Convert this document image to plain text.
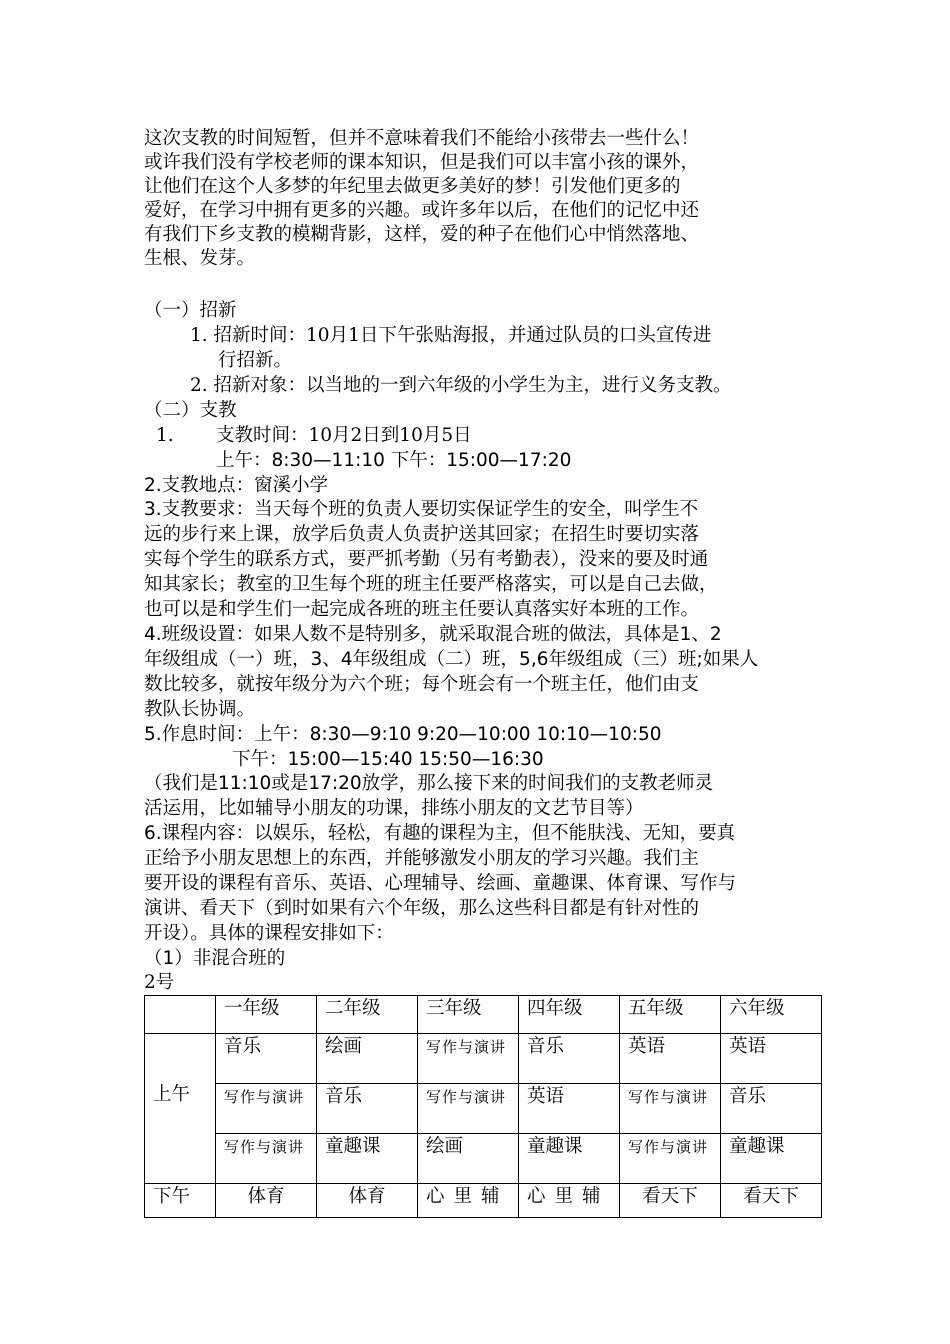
这次支教的时间短暂，但并不意味着我们不能给小孩带去一些什么！
或许我们没有学校老师的课本知识，但是我们可以丰富小孩的课外，
让他们在这个人多梦的年纪里去做更多美好的梦！引发他们更多的
爱好，在学习中拥有更多的兴趣。或许多年以后，在他们的记忆中还
有我们下乡支教的模糊背影，这样，爱的种子在他们心中悄然落地、
生根、发芽。
（一）招新
1. 招新时间：10月1日下午张贴海报，并通过队员的口头宣传进
行招新。
2. 招新对象：以当地的一到六年级的小学生为主，进行义务支教。
（二）支教
1. 支教时间：10月2日到10月5日
上午：8:30—11:10 下午：15:00—17:20
2.支教地点：窗溪小学
3.支教要求：当天每个班的负责人要切实保证学生的安全，叫学生不
远的步行来上课，放学后负责人负责护送其回家；在招生时要切实落
实每个学生的联系方式，要严抓考勤（另有考勤表），没来的要及时通
知其家长；教室的卫生每个班的班主任要严格落实，可以是自己去做，
也可以是和学生们一起完成各班的班主任要认真落实好本班的工作。
4.班级设置：如果人数不是特别多，就采取混合班的做法，具体是1、2
年级组成（一）班，3、4年级组成（二）班，5,6年级组成（三）班;如果人
数比较多，就按年级分为六个班；每个班会有一个班主任，他们由支
教队长协调。
5.作息时间：上午：8:30—9:10 9:20—10:00 10:10—10:50
下午：15:00—15:40 15:50—16:30
（我们是11:10或是17:20放学，那么接下来的时间我们的支教老师灵
活运用，比如辅导小朋友的功课，排练小朋友的文艺节目等）
6.课程内容：以娱乐，轻松，有趣的课程为主，但不能肤浅、无知，要真
正给予小朋友思想上的东西，并能够激发小朋友的学习兴趣。我们主
要开设的课程有音乐、英语、心理辅导、绘画、童趣课、体育课、写作与
演讲、看天下（到时如果有六个年级，那么这些科目都是有针对性的
开设）。具体的课程安排如下：
（1）非混合班的
2号
	一年级	二年级	三年级	四年级	五年级	六年级
上午	音乐	绘画	写作与演讲	音乐	英语	英语
	写作与演讲	音乐	写作与演讲	英语	写作与演讲	音乐
	写作与演讲	童趣课	绘画	童趣课	写作与演讲	童趣课
下午	体育	体育	心里辅	心里辅	看天下	看天下
